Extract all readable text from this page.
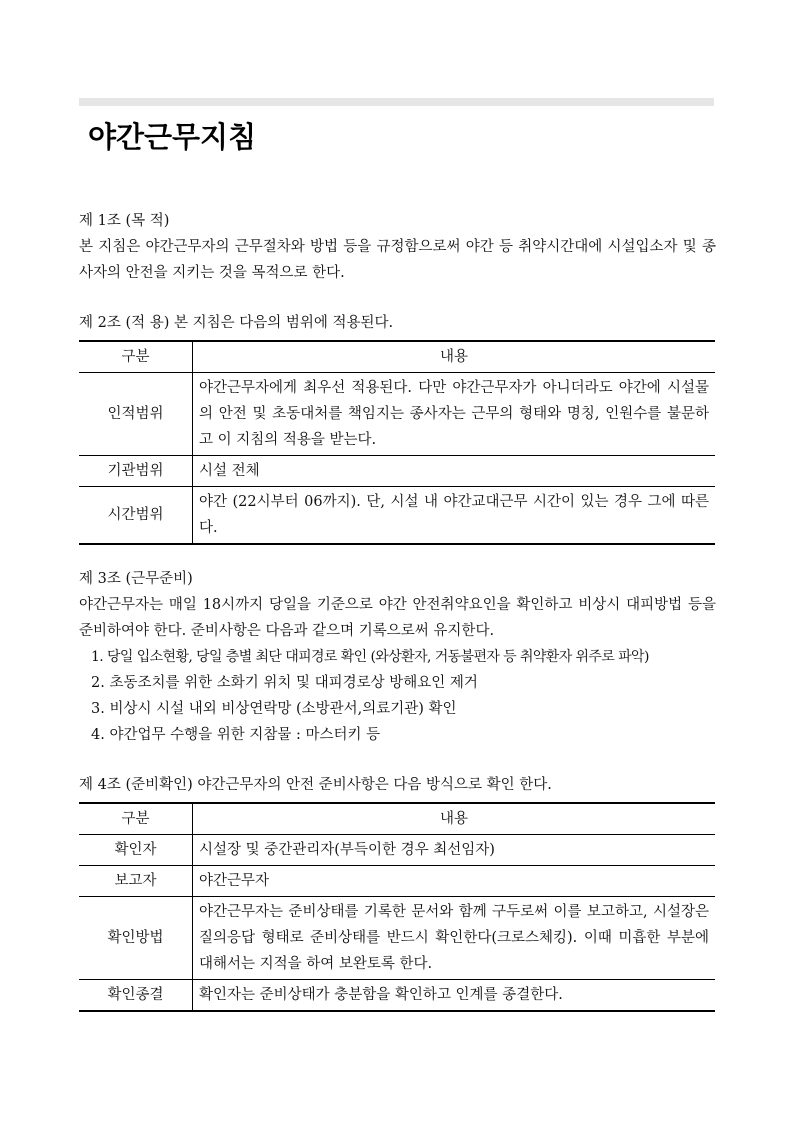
야간근무지침

제 1조 (목 적)

본 지침은 야간근무자의 근무절차와 방법 등을 규정함으로써 야간 등 취약시간대에 시설입소자 및 종사자의 안전을 지키는 것을 목적으로 한다.

제 2조 (적 용) 본 지침은 다음의 범위에 적용된다.

구분	내용
인적범위	야간근무자에게 최우선 적용된다. 다만 야간근무자가 아니더라도 야간에 시설물의 안전 및 초동대처를 책임지는 종사자는 근무의 형태와 명칭, 인원수를 불문하고 이 지침의 적용을 받는다.
기관범위	시설 전체
시간범위	야간 (22시부터 06까지). 단, 시설 내 야간교대근무 시간이 있는 경우 그에 따른다.

제 3조 (근무준비)

야간근무자는 매일 18시까지 당일을 기준으로 야간 안전취약요인을 확인하고 비상시 대피방법 등을 준비하여야 한다. 준비사항은 다음과 같으며 기록으로써 유지한다.

1. 당일 입소현황, 당일 층별 최단 대피경로 확인 (와상환자, 거동불편자 등 취약환자 위주로 파악)
2. 초동조치를 위한 소화기 위치 및 대피경로상 방해요인 제거
3. 비상시 시설 내외 비상연락망 (소방관서,의료기관) 확인
4. 야간업무 수행을 위한 지참물 : 마스터키 등

제 4조 (준비확인) 야간근무자의 안전 준비사항은 다음 방식으로 확인 한다.

구분	내용
확인자	시설장 및 중간관리자(부득이한 경우 최선임자)
보고자	야간근무자
확인방법	야간근무자는 준비상태를 기록한 문서와 함께 구두로써 이를 보고하고, 시설장은 질의응답 형태로 준비상태를 반드시 확인한다(크로스체킹). 이때 미흡한 부분에 대해서는 지적을 하여 보완토록 한다.
확인종결	확인자는 준비상태가 충분함을 확인하고 인계를 종결한다.
